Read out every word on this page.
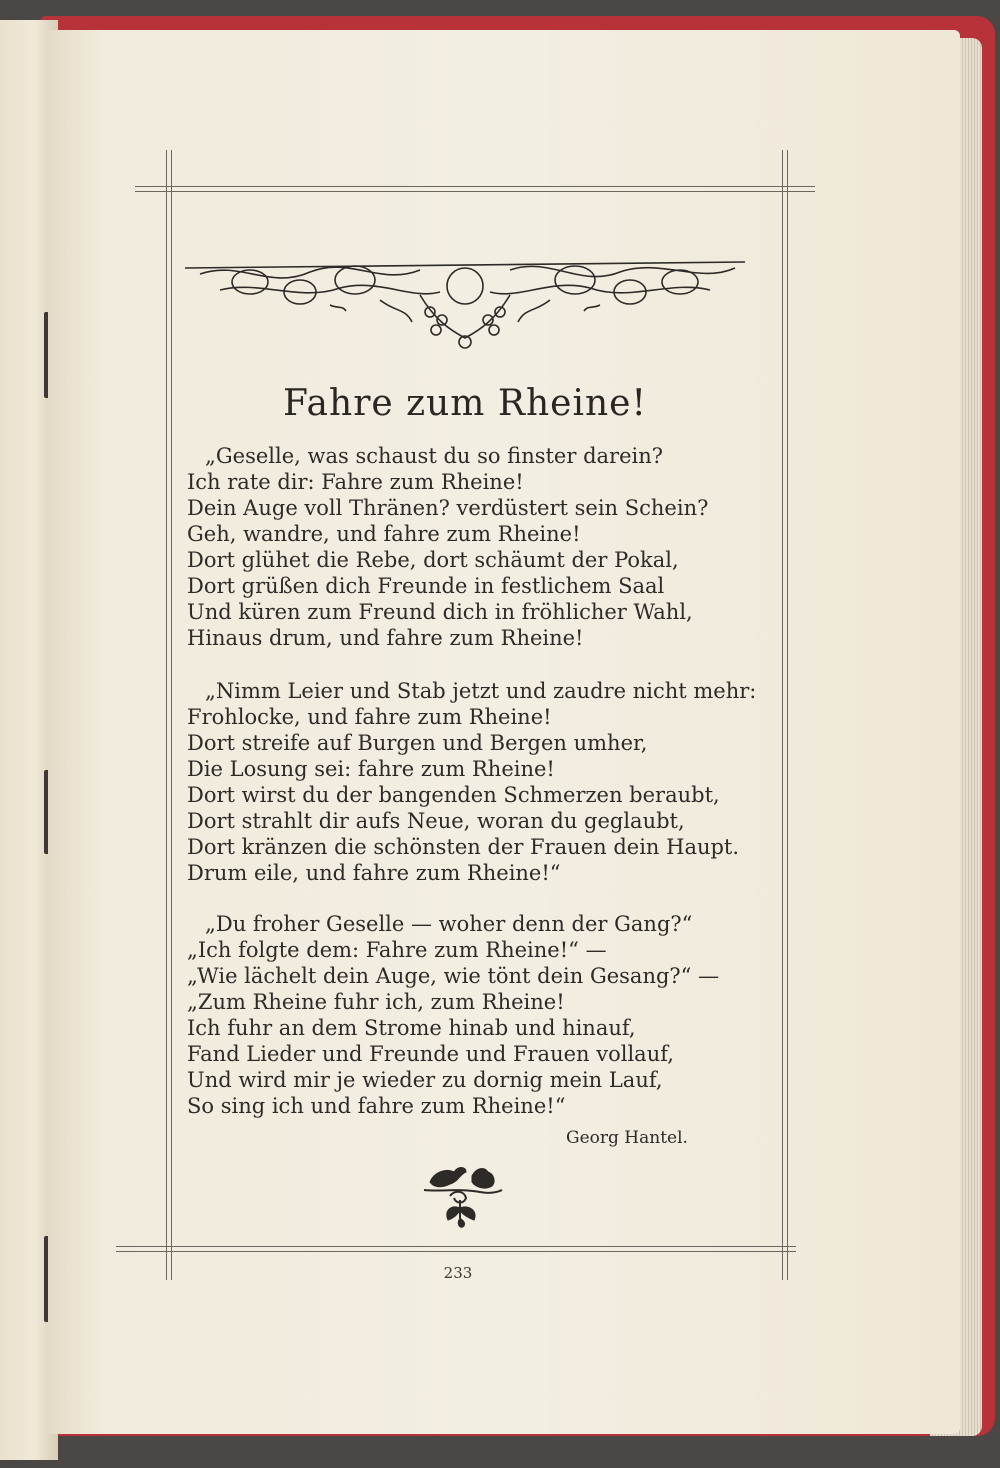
Fahre zum Rheine!
„Geselle, was schaust du so finster darein?
Ich rate dir: Fahre zum Rheine!
Dein Auge voll Thränen? verdüstert sein Schein?
Geh, wandre, und fahre zum Rheine!
Dort glühet die Rebe, dort schäumt der Pokal,
Dort grüßen dich Freunde in festlichem Saal
Und küren zum Freund dich in fröhlicher Wahl,
Hinaus drum, und fahre zum Rheine!
„Nimm Leier und Stab jetzt und zaudre nicht mehr:
Frohlocke, und fahre zum Rheine!
Dort streife auf Burgen und Bergen umher,
Die Losung sei: fahre zum Rheine!
Dort wirst du der bangenden Schmerzen beraubt,
Dort strahlt dir aufs Neue, woran du geglaubt,
Dort kränzen die schönsten der Frauen dein Haupt.
Drum eile, und fahre zum Rheine!“
„Du froher Geselle — woher denn der Gang?“
„Ich folgte dem: Fahre zum Rheine!“ —
„Wie lächelt dein Auge, wie tönt dein Gesang?“ —
„Zum Rheine fuhr ich, zum Rheine!
Ich fuhr an dem Strome hinab und hinauf,
Fand Lieder und Freunde und Frauen vollauf,
Und wird mir je wieder zu dornig mein Lauf,
So sing ich und fahre zum Rheine!“
Georg Hantel.
233
